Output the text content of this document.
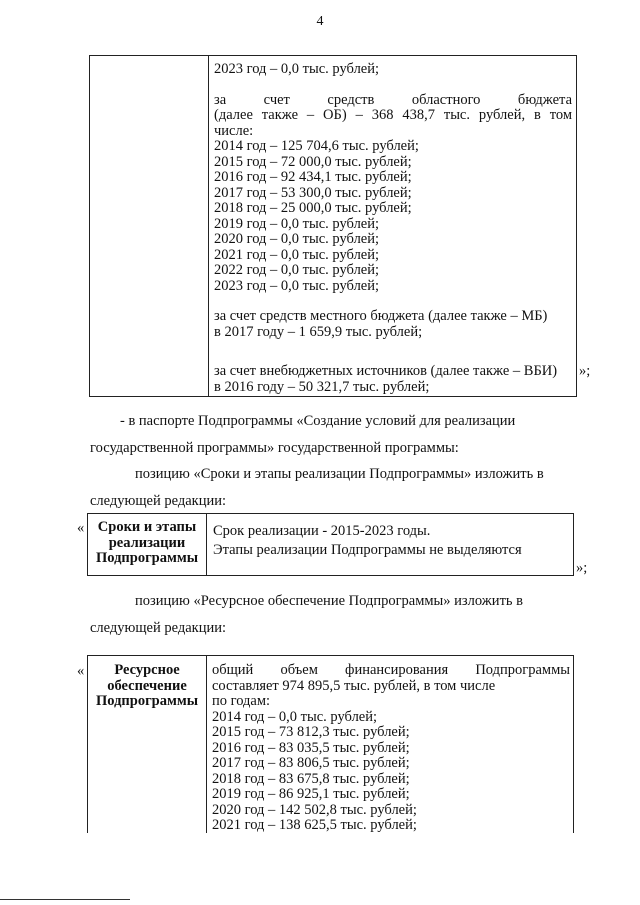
4
2023 год – 0,0 тыс. рублей;
за счет средств областного бюджета
(далее также – ОБ) – 368 438,7 тыс. рублей, в том
числе:
2014 год – 125 704,6 тыс. рублей;
2015 год – 72 000,0 тыс. рублей;
2016 год – 92 434,1 тыс. рублей;
2017 год – 53 300,0 тыс. рублей;
2018 год – 25 000,0 тыс. рублей;
2019 год – 0,0 тыс. рублей;
2020 год – 0,0 тыс. рублей;
2021 год – 0,0 тыс. рублей;
2022 год – 0,0 тыс. рублей;
2023 год – 0,0 тыс. рублей;
за счет средств местного бюджета (далее также – МБ)
в 2017 году – 1 659,9 тыс. рублей;
за счет внебюджетных источников (далее также – ВБИ)
в 2016 году – 50 321,7 тыс. рублей;
»;
- в паспорте Подпрограммы «Создание условий для реализации
государственной программы» государственной программы:
позицию «Сроки и этапы реализации Подпрограммы» изложить в
следующей редакции:
« Сроки и этапы
реализации
Подпрограммы
Срок реализации - 2015-2023 годы.
Этапы реализации Подпрограммы не выделяются
»;
позицию «Ресурсное обеспечение Подпрограммы» изложить в
следующей редакции:
«	Ресурсное
обеспечение
Подпрограммы
общий объем финансирования Подпрограммы
составляет 974 895,5 тыс. рублей, в том числе
по годам:
2014 год – 0,0 тыс. рублей;
2015 год – 73 812,3 тыс. рублей;
2016 год – 83 035,5 тыс. рублей;
2017 год – 83 806,5 тыс. рублей;
2018 год – 83 675,8 тыс. рублей;
2019 год – 86 925,1 тыс. рублей;
2020 год – 142 502,8 тыс. рублей;
2021 год – 138 625,5 тыс. рублей;
